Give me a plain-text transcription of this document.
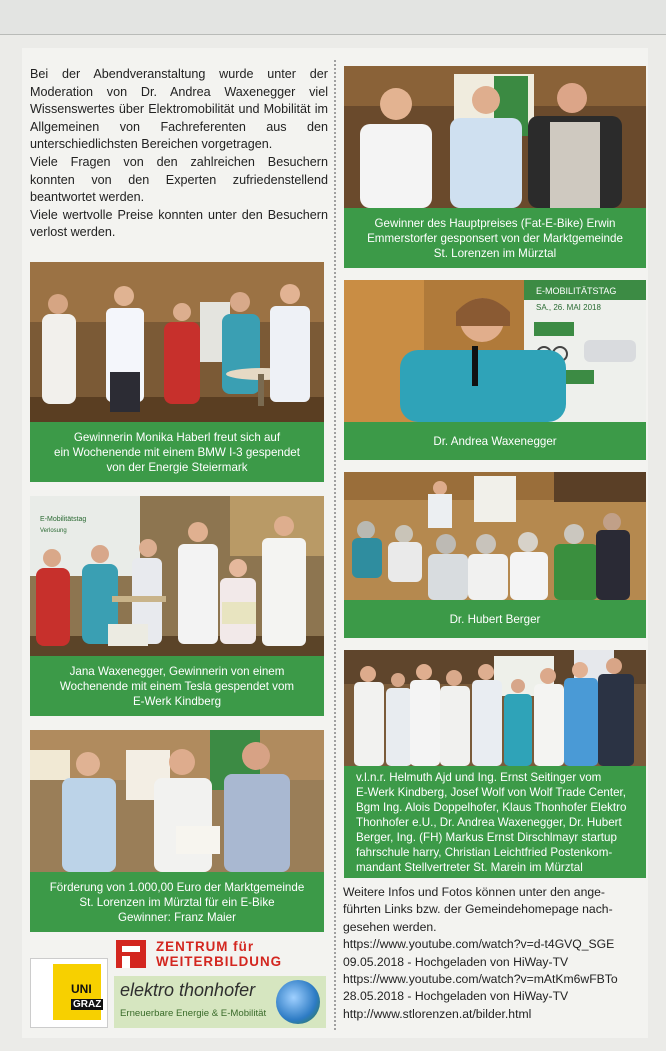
Bei der Abendveranstaltung wurde unter der Moderation von Dr. Andrea Waxenegger viel Wissenswertes über Elektromobilität und Mobilität im Allgemeinen von Fachreferenten aus den unterschiedlichsten Bereichen vorgetragen.

Viele Fragen von den zahlreichen Besuchern konnten von den Experten zufriedenstellend beantwortet werden.

Viele wertvolle Preise konnten unter den Besuchern verlost werden.

Gewinnerin Monika Haberl freut sich auf
ein Wochenende mit einem BMW I-3 gespendet
von der Energie Steiermark
E-Mobilitätstag
Verlosung
Jana Waxenegger, Gewinnerin von einem
Wochenende mit einem Tesla gespendet vom
E-Werk Kindberg
Förderung von 1.000,00 Euro der Marktgemeinde
St. Lorenzen im Mürztal für ein E-Bike
Gewinner: Franz Maier
Gewinner des Hauptpreises (Fat-E-Bike) Erwin
Emmerstorfer gesponsert von der Marktgemeinde
St. Lorenzen im Mürztal
E-MOBILITÄTSTAG
SA., 26. MAI 2018
Dr. Andrea Waxenegger
Dr. Hubert Berger
v.l.n.r. Helmuth Ajd und Ing. Ernst Seitinger vom
E-Werk Kindberg, Josef Wolf von Wolf Trade Center,
Bgm Ing. Alois Doppelhofer, Klaus Thonhofer Elektro
Thonhofer e.U., Dr. Andrea Waxenegger, Dr. Hubert
Berger, Ing. (FH) Markus Ernst Dirschlmayr startup
fahrschule harry, Christian Leichtfried Postenkom-
mandant Stellvertreter St. Marein im Mürztal

Weitere Infos und Fotos können unter den ange-

führten Links bzw. der Gemeindehomepage nach-

gesehen werden.

https://www.youtube.com/watch?v=d-t4GVQ_SGE

09.05.2018 - Hochgeladen von HiWay-TV

https://www.youtube.com/watch?v=mAtKm6wFBTo

28.05.2018 - Hochgeladen von HiWay-TV

http://www.stlorenzen.at/bilder.html

UNI
GRAZ
ZENTRUM für
WEITERBILDUNG
elektro thonhofer
Erneuerbare Energie & E-Mobilität
